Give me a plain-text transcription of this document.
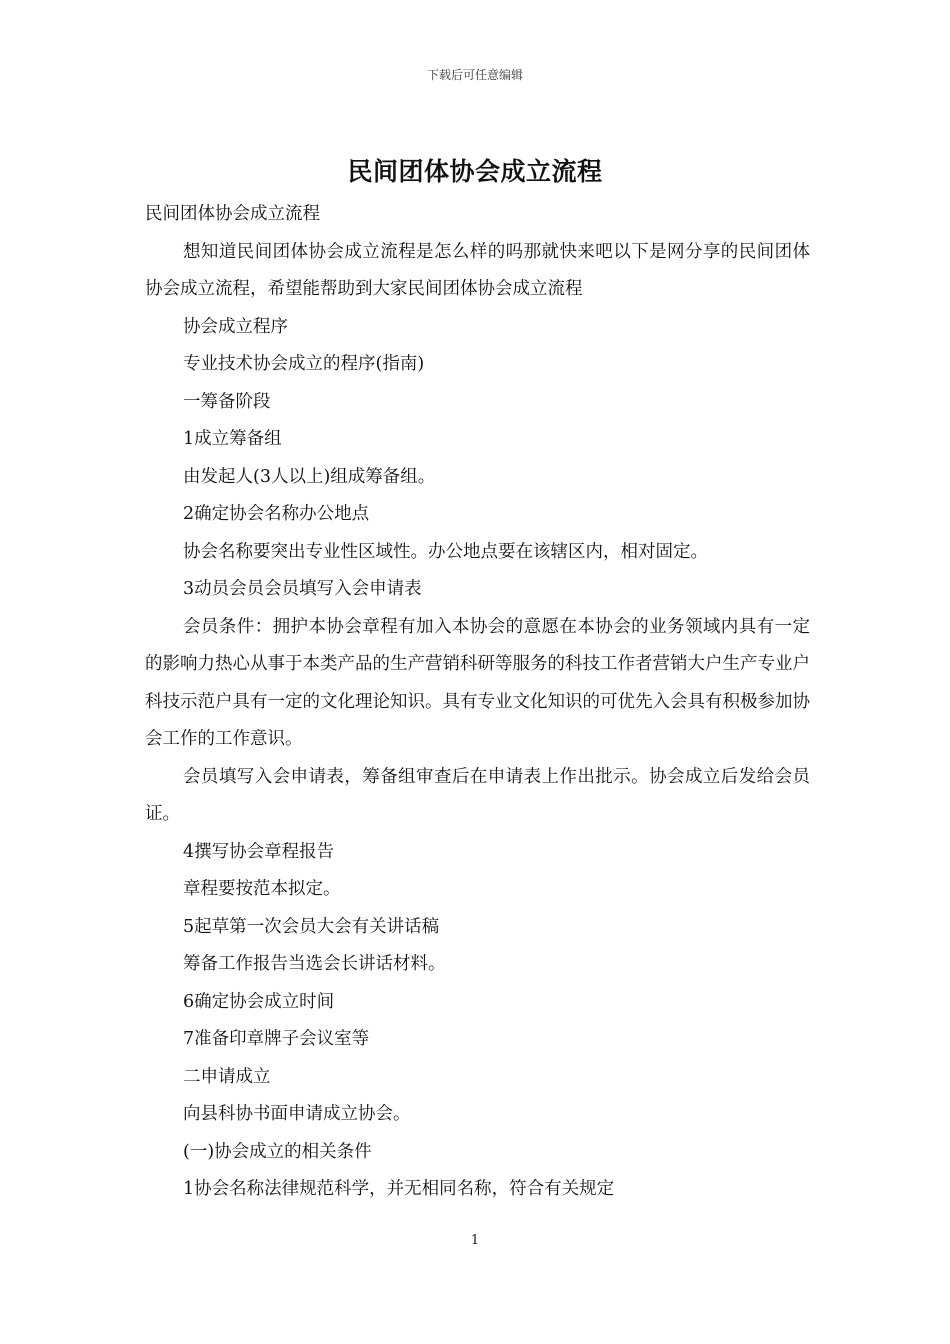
下载后可任意编辑
民间团体协会成立流程

民间团体协会成立流程

想知道民间团体协会成立流程是怎么样的吗那就快来吧以下是网分享的民间团体协会成立流程，希望能帮助到大家民间团体协会成立流程

协会成立程序

专业技术协会成立的程序(指南)

一筹备阶段

1成立筹备组

由发起人(3人以上)组成筹备组。

2确定协会名称办公地点

协会名称要突出专业性区域性。办公地点要在该辖区内，相对固定。

3动员会员会员填写入会申请表

会员条件：拥护本协会章程有加入本协会的意愿在本协会的业务领域内具有一定的影响力热心从事于本类产品的生产营销科研等服务的科技工作者营销大户生产专业户科技示范户具有一定的文化理论知识。具有专业文化知识的可优先入会具有积极参加协会工作的工作意识。

会员填写入会申请表，筹备组审查后在申请表上作出批示。协会成立后发给会员证。

4撰写协会章程报告

章程要按范本拟定。

5起草第一次会员大会有关讲话稿

筹备工作报告当选会长讲话材料。

6确定协会成立时间

7准备印章牌子会议室等

二申请成立

向县科协书面申请成立协会。

(一)协会成立的相关条件

1协会名称法律规范科学，并无相同名称，符合有关规定

1
